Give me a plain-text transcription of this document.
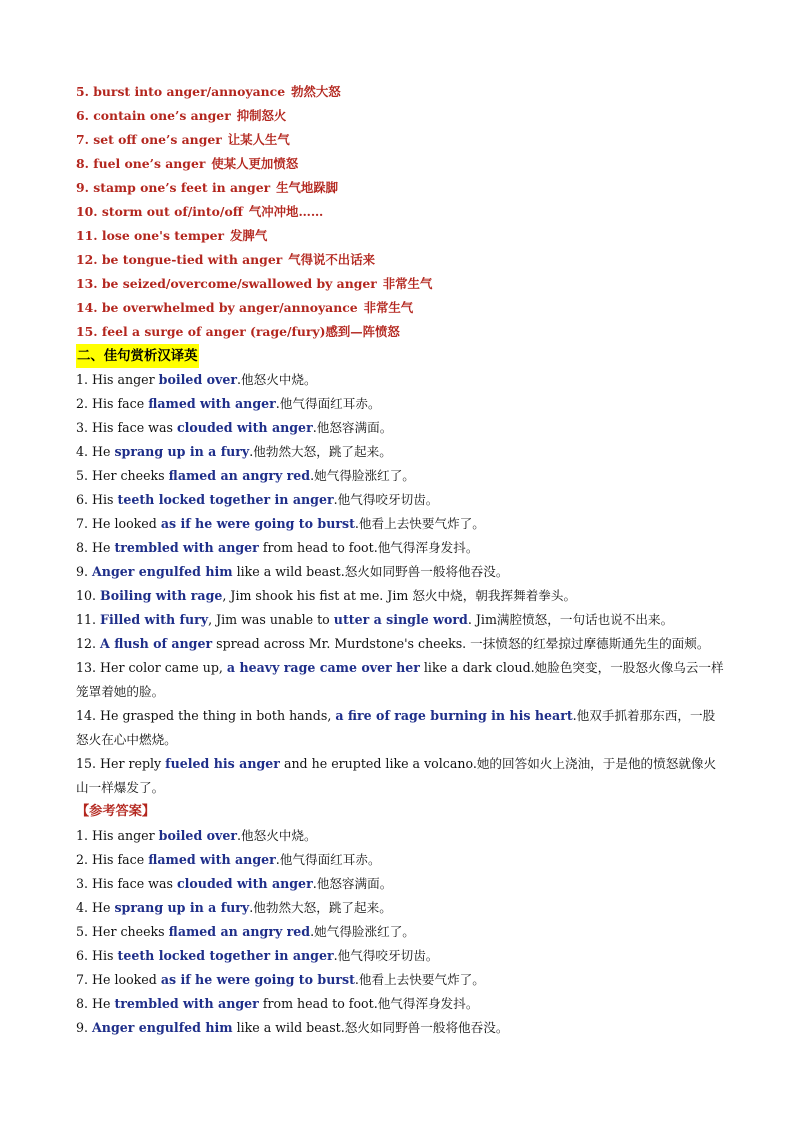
5. burst into anger/annoyance 勃然大怒
6. contain one’s anger 抑制怒火
7. set off one’s anger 让某人生气
8. fuel one’s anger 使某人更加愤怒
9. stamp one’s feet in anger 生气地跺脚
10. storm out of/into/off 气冲冲地……
11. lose one's temper 发脾气
12. be tongue-tied with anger 气得说不出话来
13. be seized/overcome/swallowed by anger 非常生气
14. be overwhelmed by anger/annoyance 非常生气
15. feel a surge of anger (rage/fury)感到—阵愤怒
二、佳句赏析汉译英
1. His anger boiled over.他怒火中烧。
2. His face flamed with anger.他气得面红耳赤。
3. His face was clouded with anger.他怒容满面。
4. He sprang up in a fury.他勃然大怒，跳了起来。
5. Her cheeks flamed an angry red.她气得脸涨红了。
6. His teeth locked together in anger.他气得咬牙切齿。
7. He looked as if he were going to burst.他看上去快要气炸了。
8. He trembled with anger from head to foot.他气得浑身发抖。
9. Anger engulfed him like a wild beast.怒火如同野兽一般将他吞没。
10. Boiling with rage, Jim shook his fist at me. Jim 怒火中烧，朝我挥舞着拳头。
11. Filled with fury, Jim was unable to utter a single word. Jim满腔愤怒，一句话也说不出来。
12. A flush of anger spread across Mr. Murdstone's cheeks. 一抹愤怒的红晕掠过摩德斯通先生的面颊。
13. Her color came up, a heavy rage came over her like a dark cloud.她脸色突变，一股怒火像乌云一样笼罩着她的脸。
14. He grasped the thing in both hands, a fire of rage burning in his heart.他双手抓着那东西，一股怒火在心中燃烧。
15. Her reply fueled his anger and he erupted like a volcano.她的回答如火上浇油，于是他的愤怒就像火山一样爆发了。
【参考答案】
1. His anger boiled over.他怒火中烧。
2. His face flamed with anger.他气得面红耳赤。
3. His face was clouded with anger.他怒容满面。
4. He sprang up in a fury.他勃然大怒，跳了起来。
5. Her cheeks flamed an angry red.她气得脸涨红了。
6. His teeth locked together in anger.他气得咬牙切齿。
7. He looked as if he were going to burst.他看上去快要气炸了。
8. He trembled with anger from head to foot.他气得浑身发抖。
9. Anger engulfed him like a wild beast.怒火如同野兽一般将他吞没。
